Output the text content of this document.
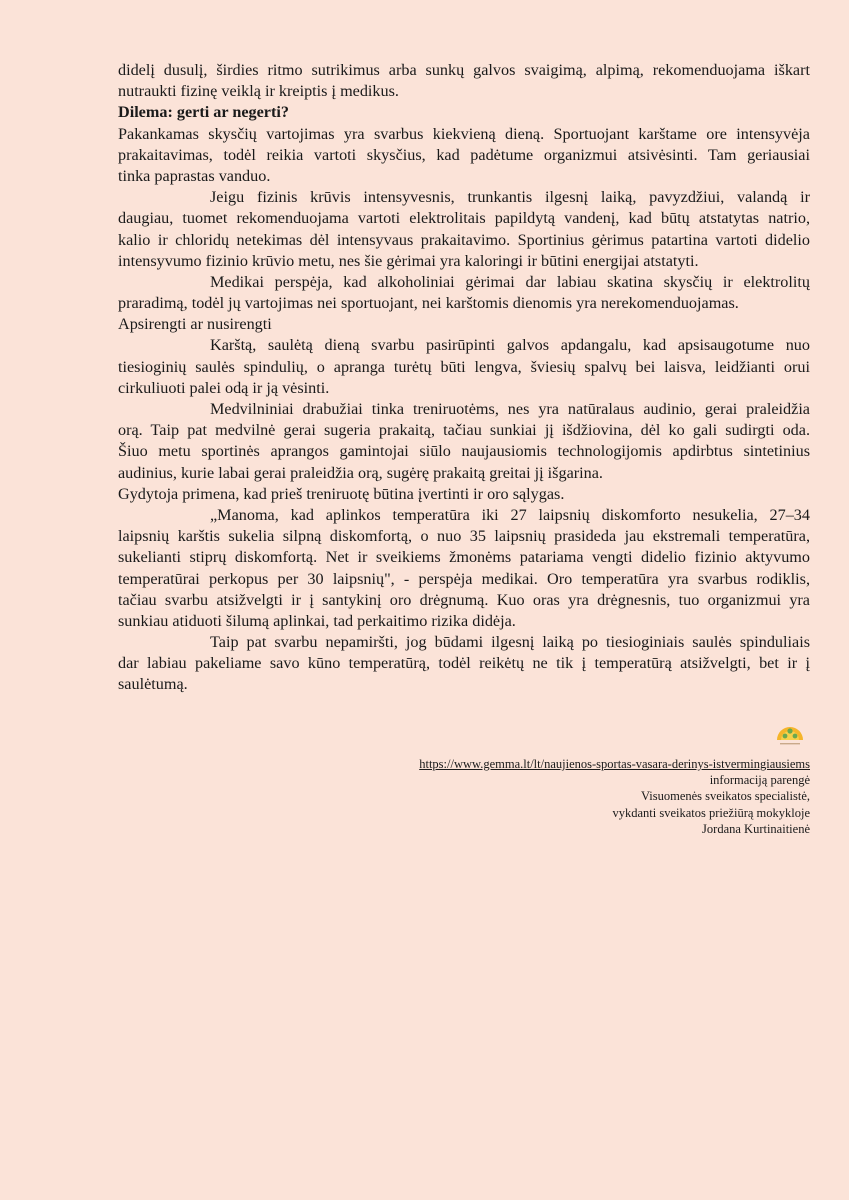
didelį dusulį, širdies ritmo sutrikimus arba sunkų galvos svaigimą, alpimą, rekomenduojama iškart
nutraukti fizinę veiklą ir kreiptis į medikus.
Dilema: gerti ar negerti?
Pakankamas skysčių vartojimas yra svarbus kiekvieną dieną. Sportuojant karštame ore intensyvėja
prakaitavimas, todėl reikia vartoti skysčius, kad padėtume organizmui atsivėsinti. Tam geriausiai
tinka paprastas vanduo.
Jeigu fizinis krūvis intensyvesnis, trunkantis ilgesnį laiką, pavyzdžiui, valandą ir
daugiau, tuomet rekomenduojama vartoti elektrolitais papildytą vandenį, kad būtų atstatytas natrio,
kalio ir chloridų netekimas dėl intensyvaus prakaitavimo. Sportinius gėrimus patartina vartoti didelio
intensyvumo fizinio krūvio metu, nes šie gėrimai yra kaloringi ir būtini energijai atstatyti.
Medikai perspėja, kad alkoholiniai gėrimai dar labiau skatina skysčių ir elektrolitų
praradimą, todėl jų vartojimas nei sportuojant, nei karštomis dienomis yra nerekomenduojamas.
Apsirengti ar nusirengti
Karštą, saulėtą dieną svarbu pasirūpinti galvos apdangalu, kad apsisaugotume nuo
tiesioginių saulės spindulių, o apranga turėtų būti lengva, šviesių spalvų bei laisva, leidžianti orui
cirkuliuoti palei odą ir ją vėsinti.
Medvilniniai drabužiai tinka treniruotėms, nes yra natūralaus audinio, gerai praleidžia
orą. Taip pat medvilnė gerai sugeria prakaitą, tačiau sunkiai jį išdžiovina, dėl ko gali sudirgti oda.
Šiuo metu sportinės aprangos gamintojai siūlo naujausiomis technologijomis apdirbtus sintetinius
audinius, kurie labai gerai praleidžia orą, sugėrę prakaitą greitai jį išgarina.
Gydytoja primena, kad prieš treniruotę būtina įvertinti ir oro sąlygas.
„Manoma, kad aplinkos temperatūra iki 27 laipsnių diskomforto nesukelia, 27–34
laipsnių karštis sukelia silpną diskomfortą, o nuo 35 laipsnių prasideda jau ekstremali temperatūra,
sukelianti stiprų diskomfortą. Net ir sveikiems žmonėms patariama vengti didelio fizinio aktyvumo
temperatūrai perkopus per 30 laipsnių", - perspėja medikai. Oro temperatūra yra svarbus rodiklis,
tačiau svarbu atsižvelgti ir į santykinį oro drėgnumą. Kuo oras yra drėgnesnis, tuo organizmui yra
sunkiau atiduoti šilumą aplinkai, tad perkaitimo rizika didėja.
Taip pat svarbu nepamiršti, jog būdami ilgesnį laiką po tiesioginiais saulės spinduliais
dar labiau pakeliame savo kūno temperatūrą, todėl reikėtų ne tik į temperatūrą atsižvelgti, bet ir į
saulėtumą.
https://www.gemma.lt/lt/naujienos-sportas-vasara-derinys-istvermingiausiems
informaciją parengė
Visuomenės sveikatos specialistė,
vykdanti sveikatos priežiūrą mokykloje
Jordana Kurtinaitienė
